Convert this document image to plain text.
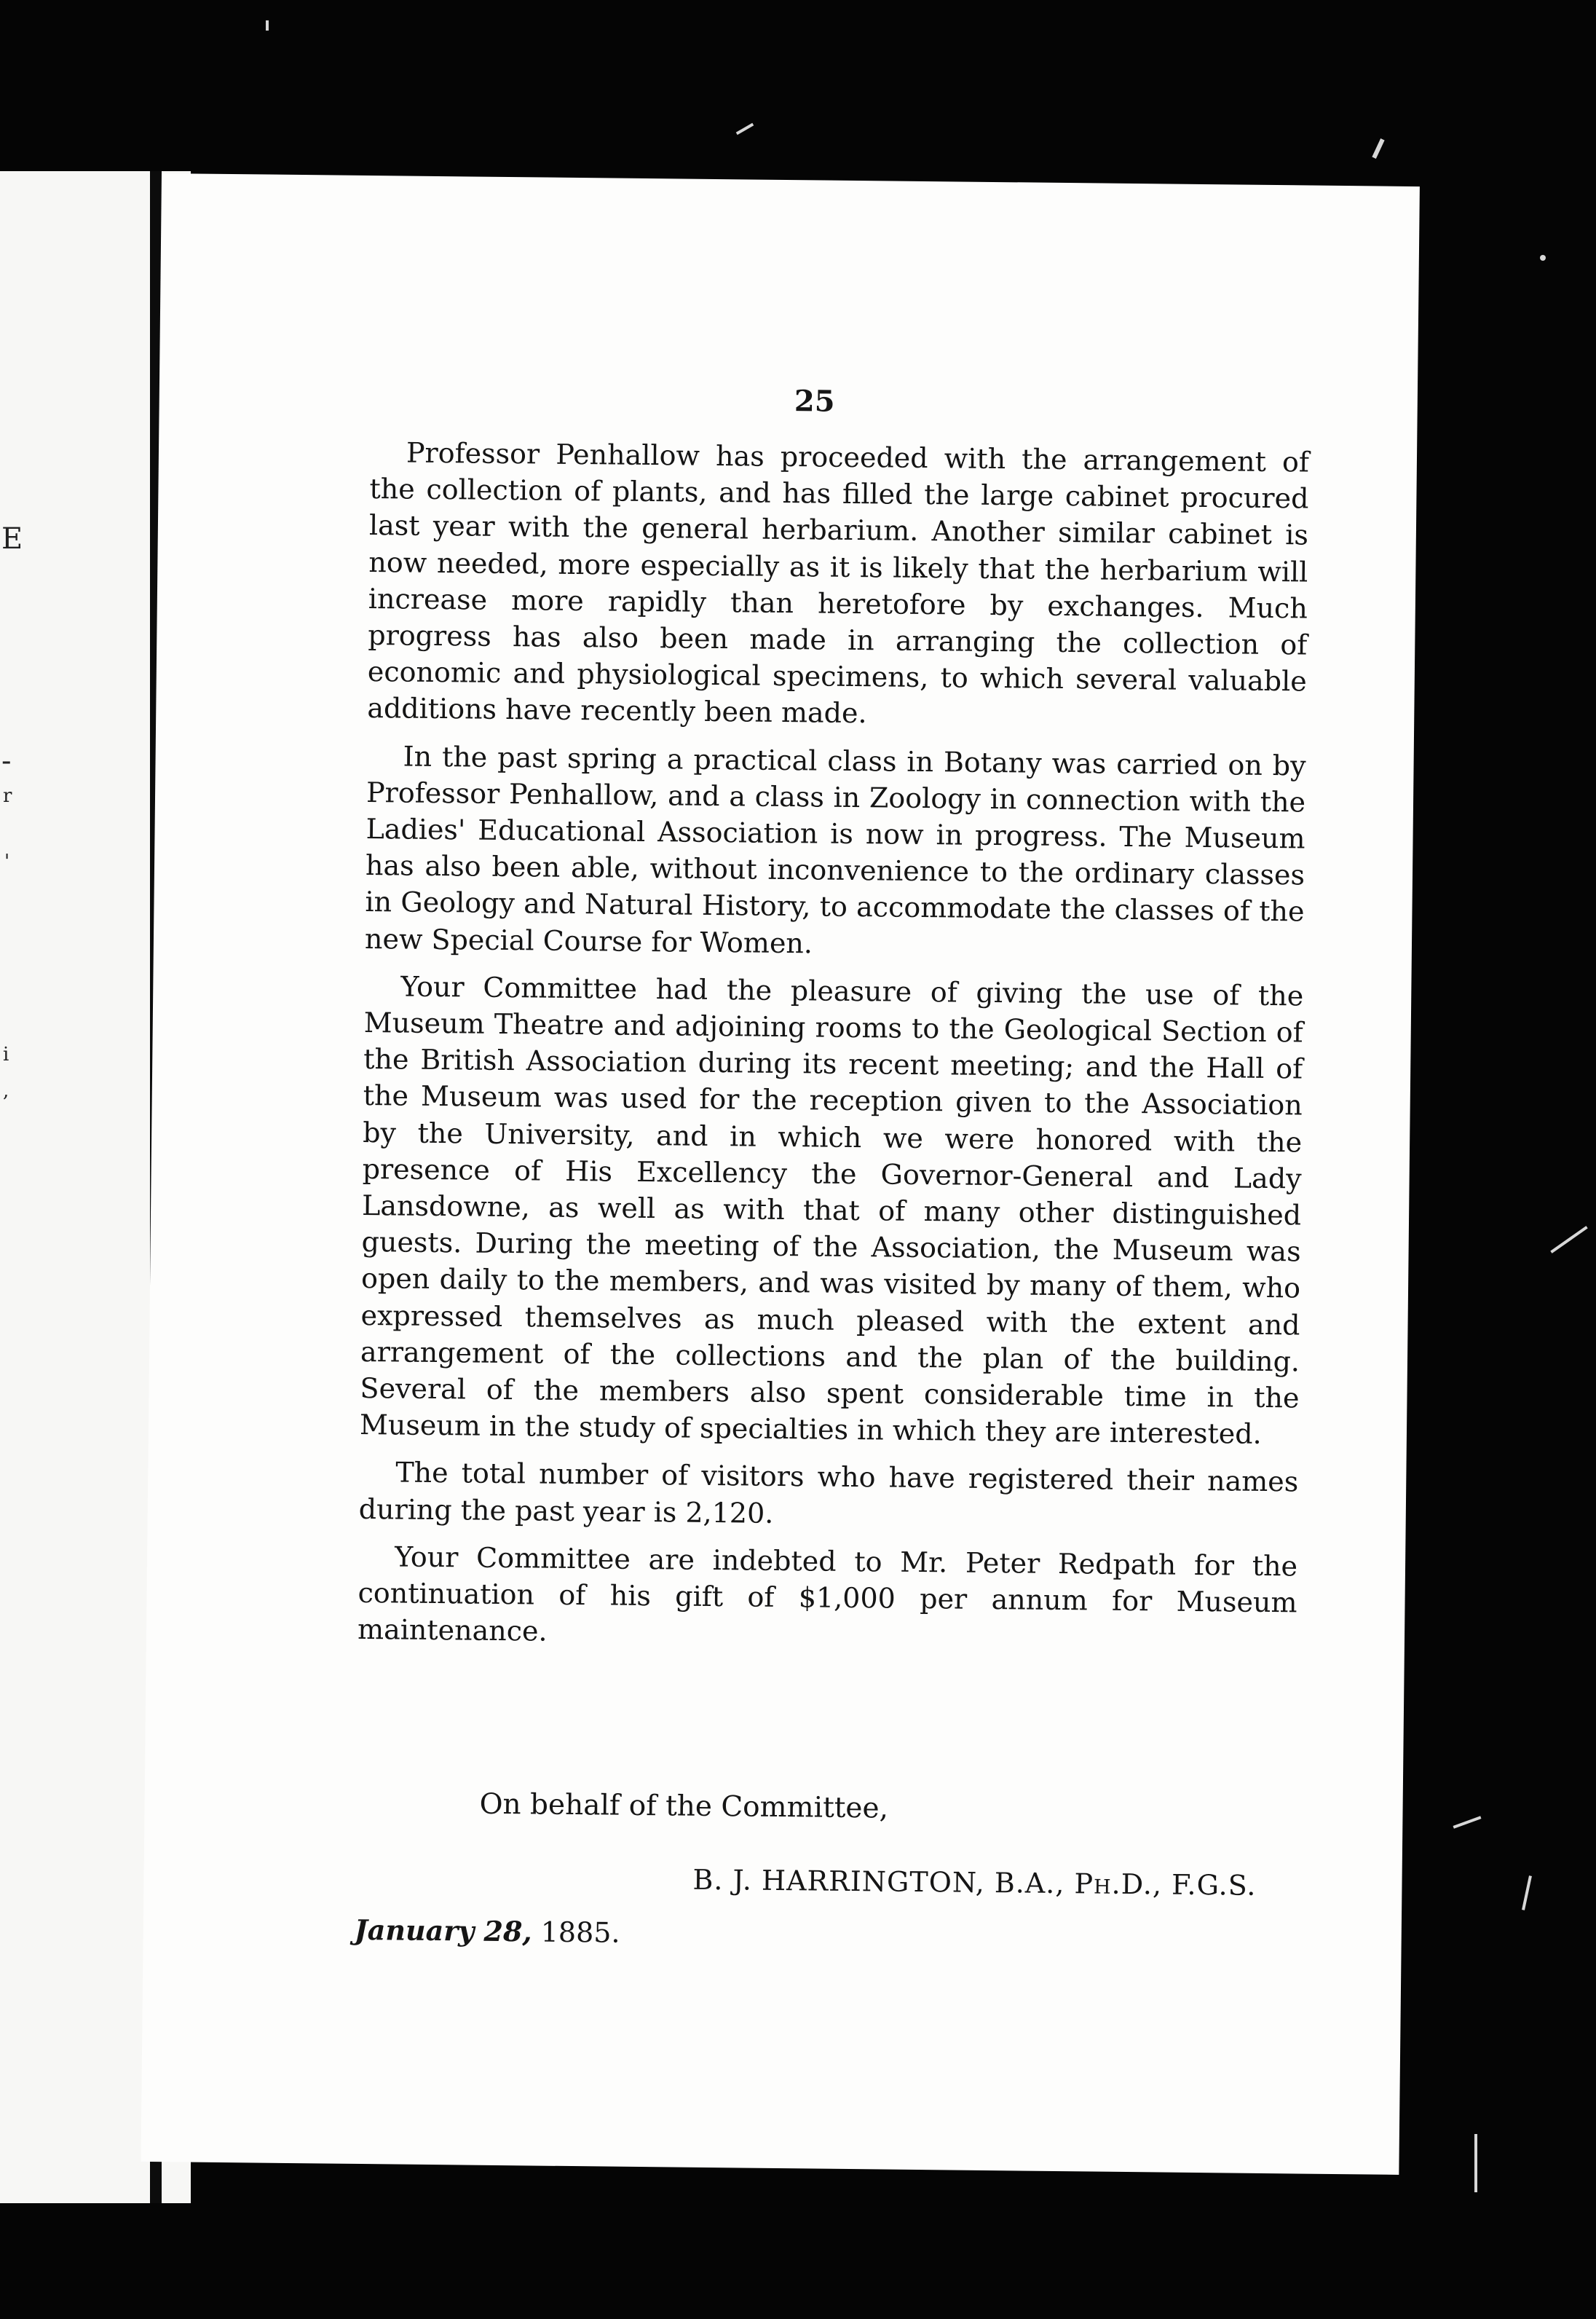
E
-
r
'
i
,
25

Professor Penhallow has proceeded with the arrangement of the collection of plants, and has filled the large cabinet procured last year with the general herbarium. Another similar cabinet is now needed, more especially as it is likely that the herbarium will increase more rapidly than heretofore by exchanges. Much progress has also been made in arranging the collection of economic and physiological specimens, to which several valuable additions have recently been made.

In the past spring a practical class in Botany was carried on by Professor Penhallow, and a class in Zoology in connection with the Ladies' Educational Association is now in progress. The Museum has also been able, without inconvenience to the ordinary classes in Geology and Natural History, to accommodate the classes of the new Special Course for Women.

Your Committee had the pleasure of giving the use of the Museum Theatre and adjoining rooms to the Geological Section of the British Association during its recent meeting; and the Hall of the Museum was used for the reception given to the Association by the University, and in which we were honored with the presence of His Excellency the Governor-General and Lady Lansdowne, as well as with that of many other distinguished guests. During the meeting of the Association, the Museum was open daily to the members, and was visited by many of them, who expressed themselves as much pleased with the extent and arrangement of the collections and the plan of the building. Several of the members also spent considerable time in the Museum in the study of specialties in which they are interested.

The total number of visitors who have registered their names during the past year is 2,120.

Your Committee are indebted to Mr. Peter Redpath for the continuation of his gift of $1,000 per annum for Museum maintenance.

On behalf of the Committee,
B. J. HARRINGTON, B.A., Ph.D., F.G.S.
January 28, 1885.
